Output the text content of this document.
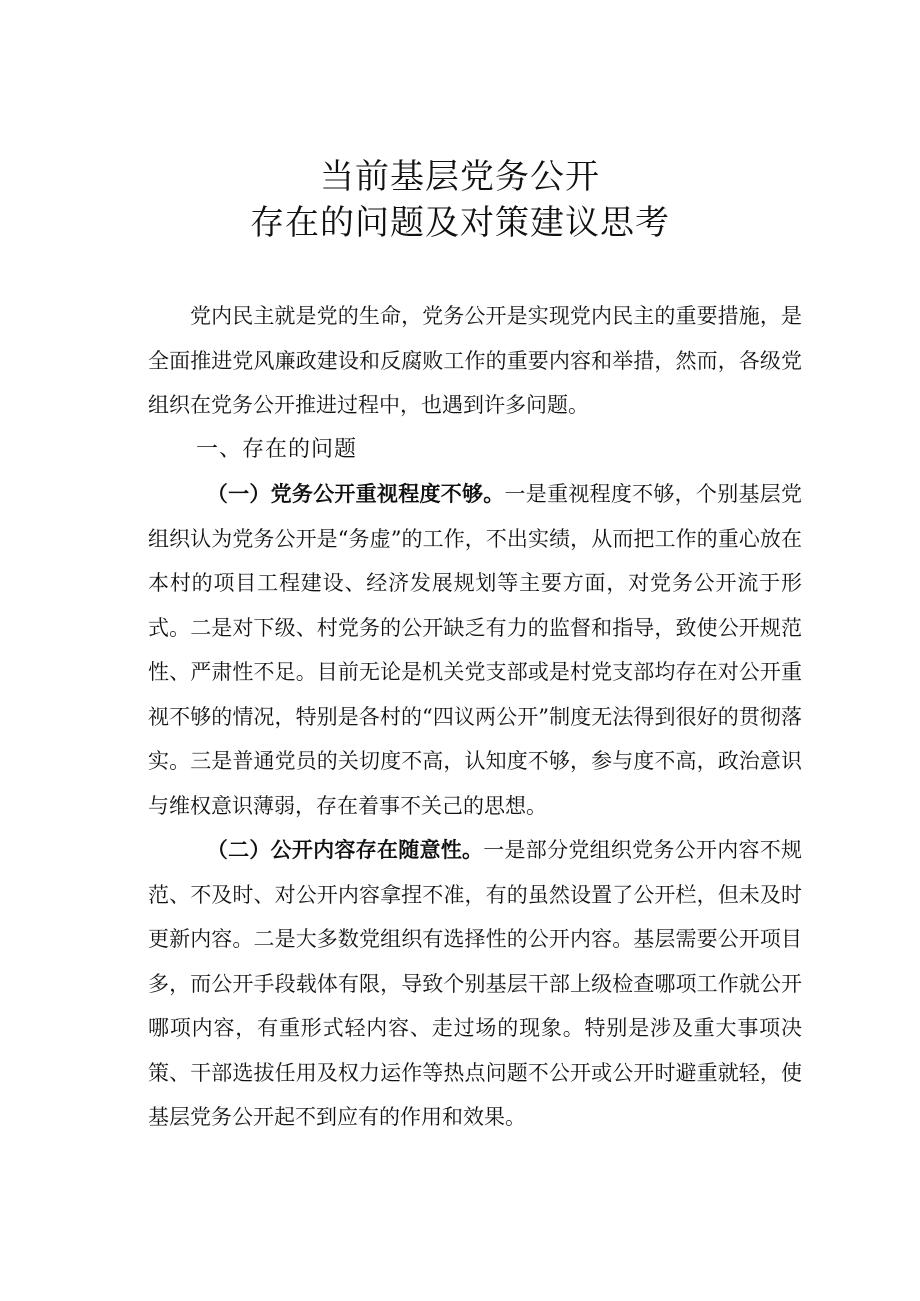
当前基层党务公开
存在的问题及对策建议思考

党内民主就是党的生命，党务公开是实现党内民主的重要措施，是全面推进党风廉政建设和反腐败工作的重要内容和举措，然而，各级党组织在党务公开推进过程中，也遇到许多问题。

一、存在的问题

（一）党务公开重视程度不够。一是重视程度不够，个别基层党组织认为党务公开是“务虚”的工作，不出实绩，从而把工作的重心放在本村的项目工程建设、经济发展规划等主要方面，对党务公开流于形式。二是对下级、村党务的公开缺乏有力的监督和指导，致使公开规范性、严肃性不足。目前无论是机关党支部或是村党支部均存在对公开重视不够的情况，特别是各村的“四议两公开”制度无法得到很好的贯彻落实。三是普通党员的关切度不高，认知度不够，参与度不高，政治意识与维权意识薄弱，存在着事不关己的思想。

（二）公开内容存在随意性。一是部分党组织党务公开内容不规范、不及时、对公开内容拿捏不准，有的虽然设置了公开栏，但未及时更新内容。二是大多数党组织有选择性的公开内容。基层需要公开项目多，而公开手段载体有限，导致个别基层干部上级检查哪项工作就公开哪项内容，有重形式轻内容、走过场的现象。特别是涉及重大事项决策、干部选拔任用及权力运作等热点问题不公开或公开时避重就轻，使基层党务公开起不到应有的作用和效果。
